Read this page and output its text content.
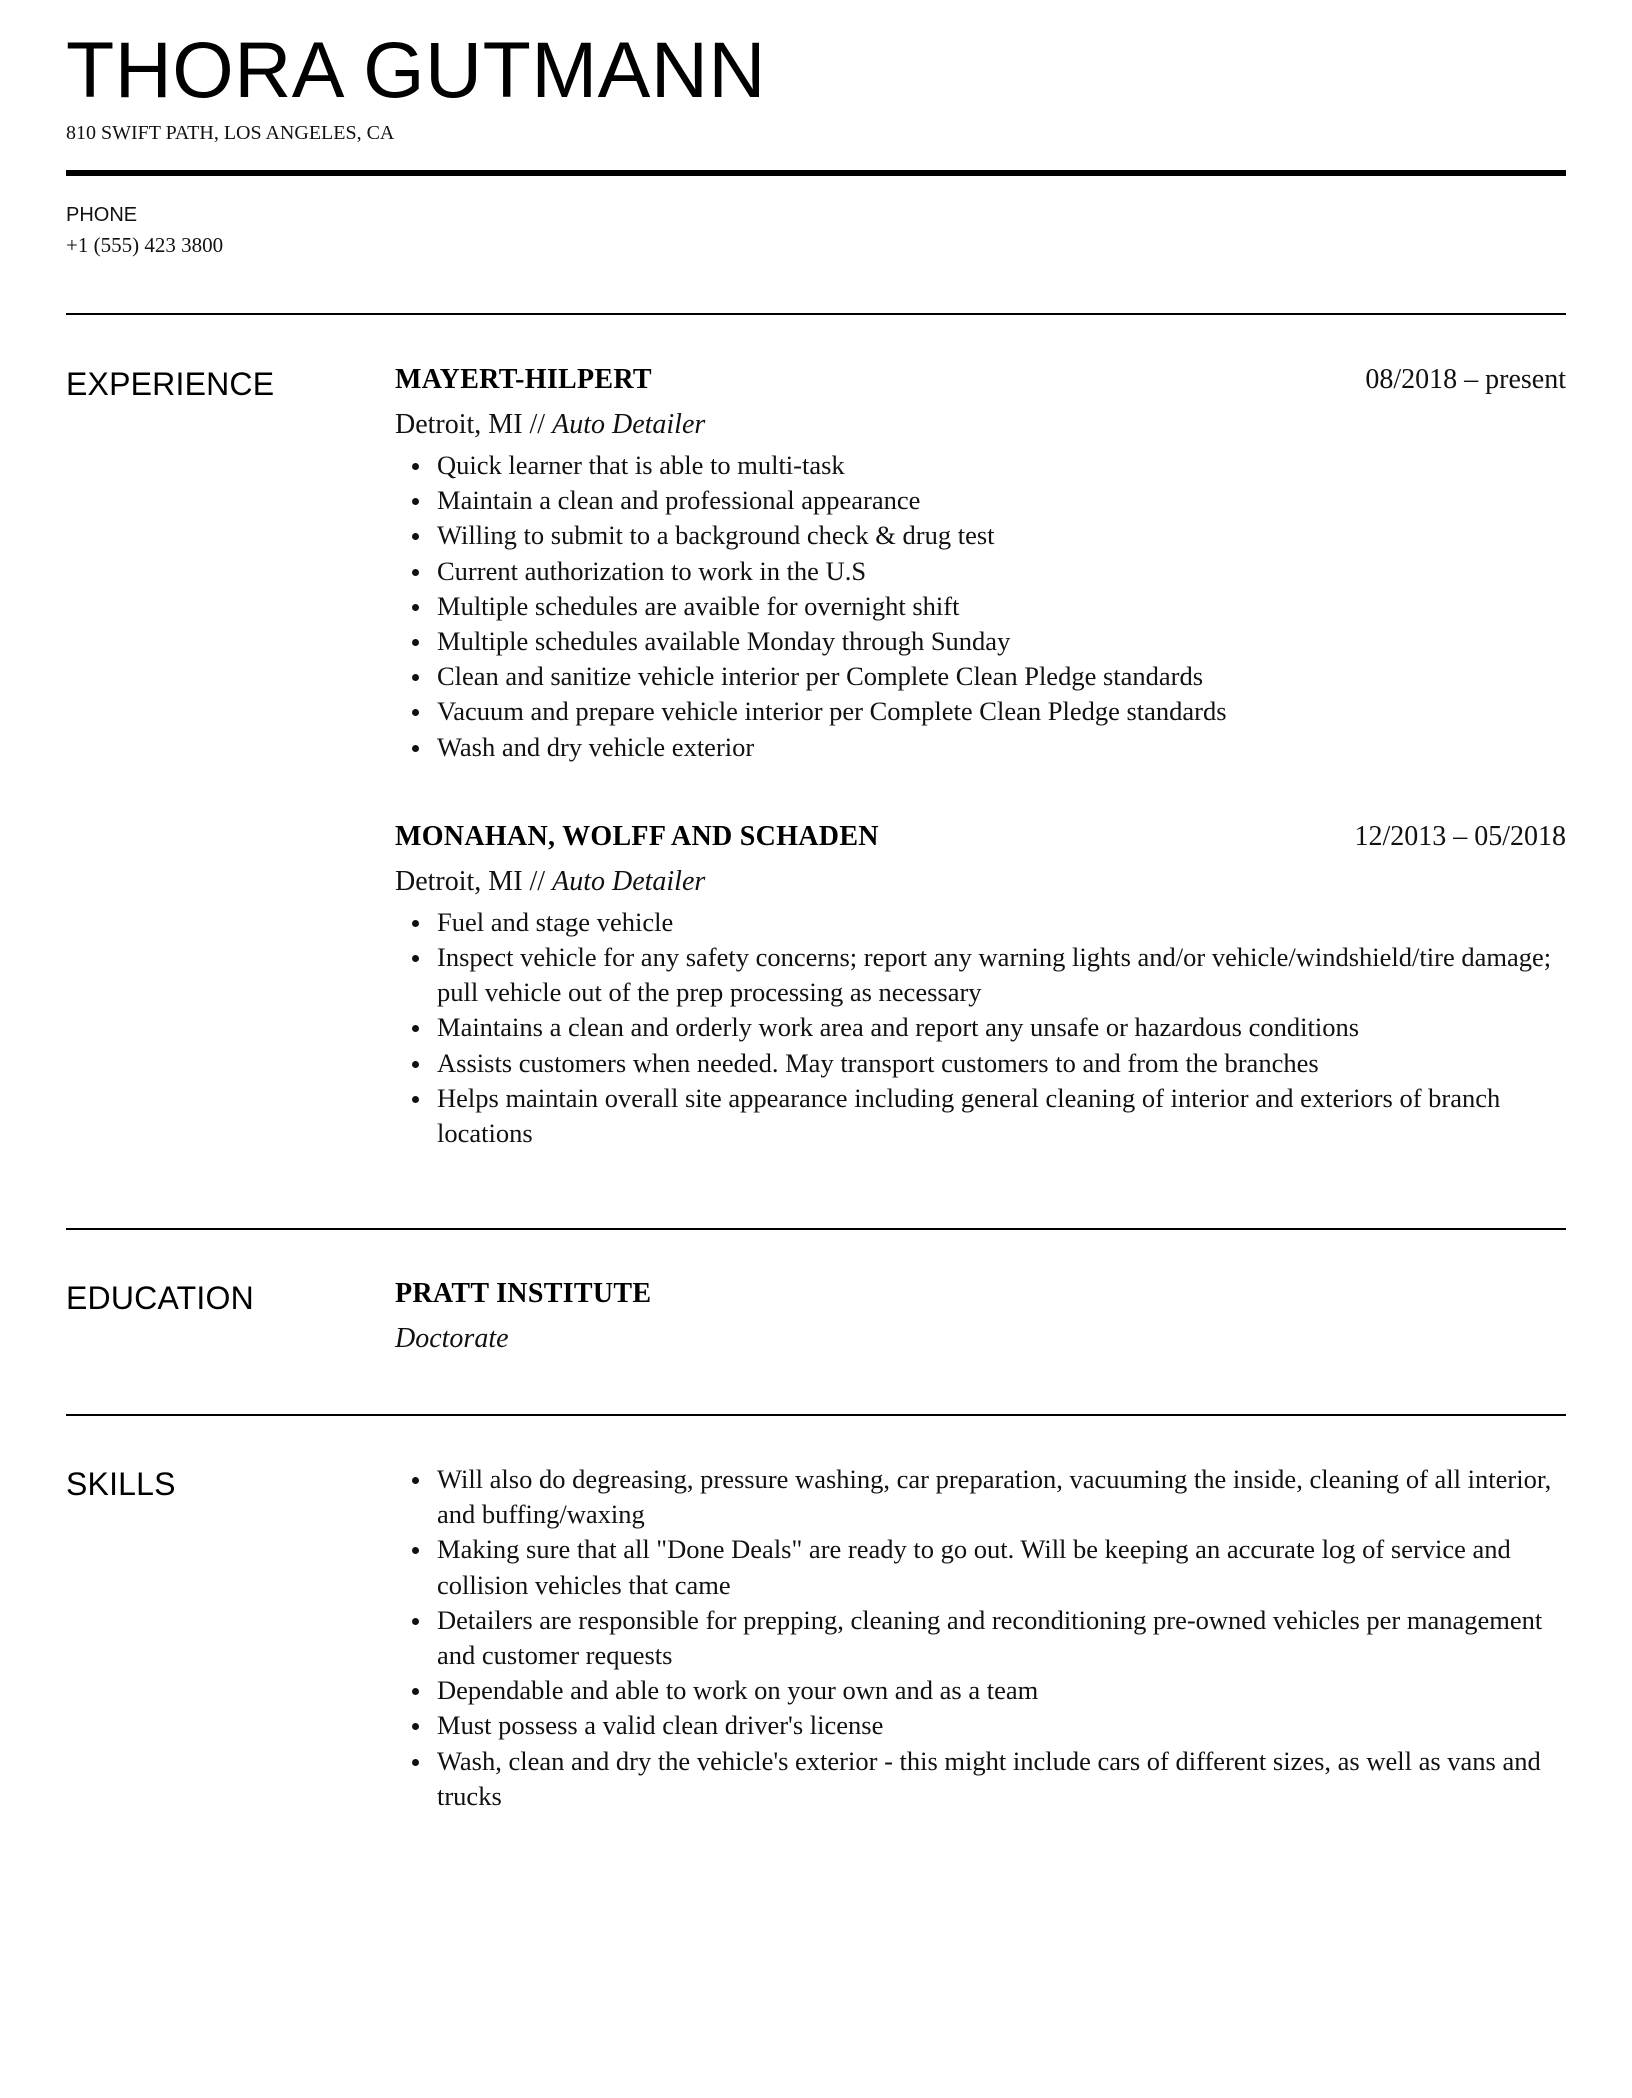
THORA GUTMANN
810 SWIFT PATH, LOS ANGELES, CA
PHONE
+1 (555) 423 3800
EXPERIENCE	MAYERT-HILPERT	08/2018 – present
Detroit, MI // Auto Detailer
Quick learner that is able to multi-task
Maintain a clean and professional appearance
Willing to submit to a background check & drug test
Current authorization to work in the U.S
Multiple schedules are avaible for overnight shift
Multiple schedules available Monday through Sunday
Clean and sanitize vehicle interior per Complete Clean Pledge standards
Vacuum and prepare vehicle interior per Complete Clean Pledge standards
Wash and dry vehicle exterior
MONAHAN, WOLFF AND SCHADEN	12/2013 – 05/2018
Detroit, MI // Auto Detailer
Fuel and stage vehicle
Inspect vehicle for any safety concerns; report any warning lights and/or vehicle/windshield/tire damage; pull vehicle out of the prep processing as necessary
Maintains a clean and orderly work area and report any unsafe or hazardous conditions
Assists customers when needed. May transport customers to and from the branches
Helps maintain overall site appearance including general cleaning of interior and exteriors of branch locations
EDUCATION	PRATT INSTITUTE
Doctorate
SKILLS	Will also do degreasing, pressure washing, car preparation, vacuuming the inside, cleaning of all interior, and buffing/waxing
Making sure that all "Done Deals" are ready to go out. Will be keeping an accurate log of service and collision vehicles that came
Detailers are responsible for prepping, cleaning and reconditioning pre-owned vehicles per management and customer requests
Dependable and able to work on your own and as a team
Must possess a valid clean driver's license
Wash, clean and dry the vehicle's exterior - this might include cars of different sizes, as well as vans and trucks
